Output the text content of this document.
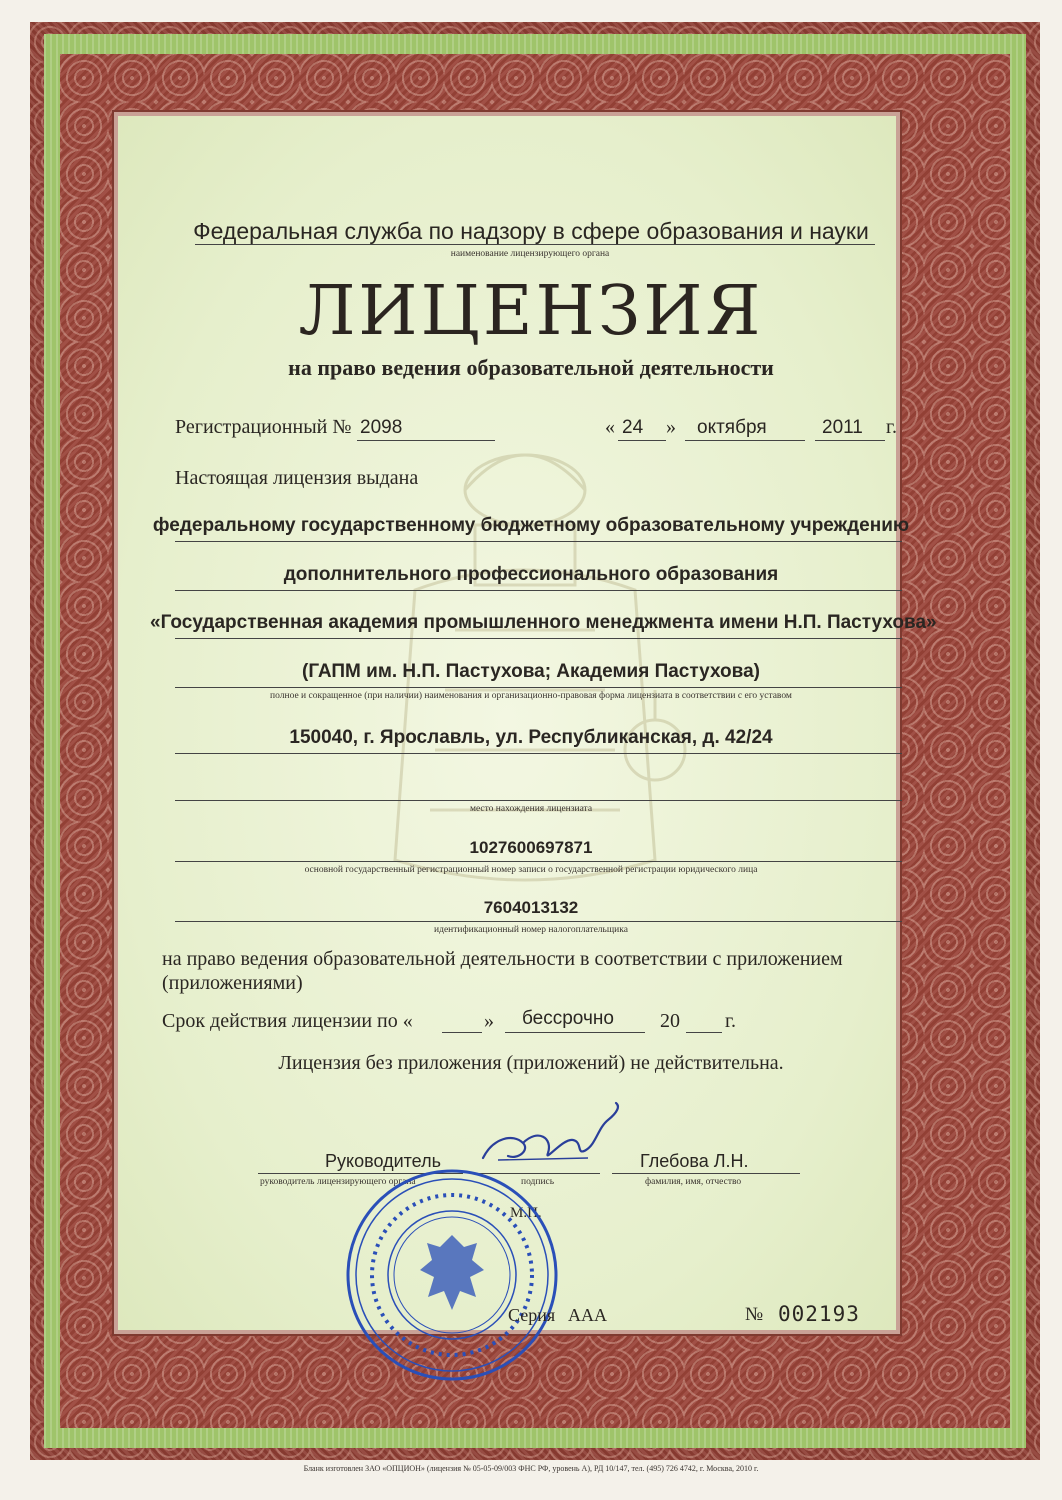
Федеральная служба по надзору в сфере образования и науки
наименование лицензирующего органа
ЛИЦЕНЗИЯ
на право ведения образовательной деятельности
Регистрационный № 2098	« 24 » октября	2011 г.
Настоящая лицензия выдана
федеральному государственному бюджетному образовательному учреждению
дополнительного профессионального образования
«Государственная академия промышленного менеджмента имени Н.П. Пастухова»
(ГАПМ им. Н.П. Пастухова; Академия Пастухова)
полное и сокращенное (при наличии) наименования и организационно-правовая форма лицензиата в соответствии с его уставом
150040, г. Ярославль, ул. Республиканская, д. 42/24
место нахождения лицензиата
1027600697871
основной государственный регистрационный номер записи о государственной регистрации юридического лица
7604013132
идентификационный номер налогоплательщика
на право ведения образовательной деятельности в соответствии с приложением
(приложениями)
Срок действия лицензии по «	» бессрочно 20 г.
Лицензия без приложения (приложений) не действительна.
Руководитель
руководитель лицензирующего органа	подпись
Глебова Л.Н.
фамилия, имя, отчество
М.П.
Серия ААА	№ 002193
Бланк изготовлен ЗАО «ОПЦИОН» (лицензия № 05-05-09/003 ФНС РФ, уровень А), РД 10/147, тел. (495) 726 4742, г. Москва, 2010 г.
